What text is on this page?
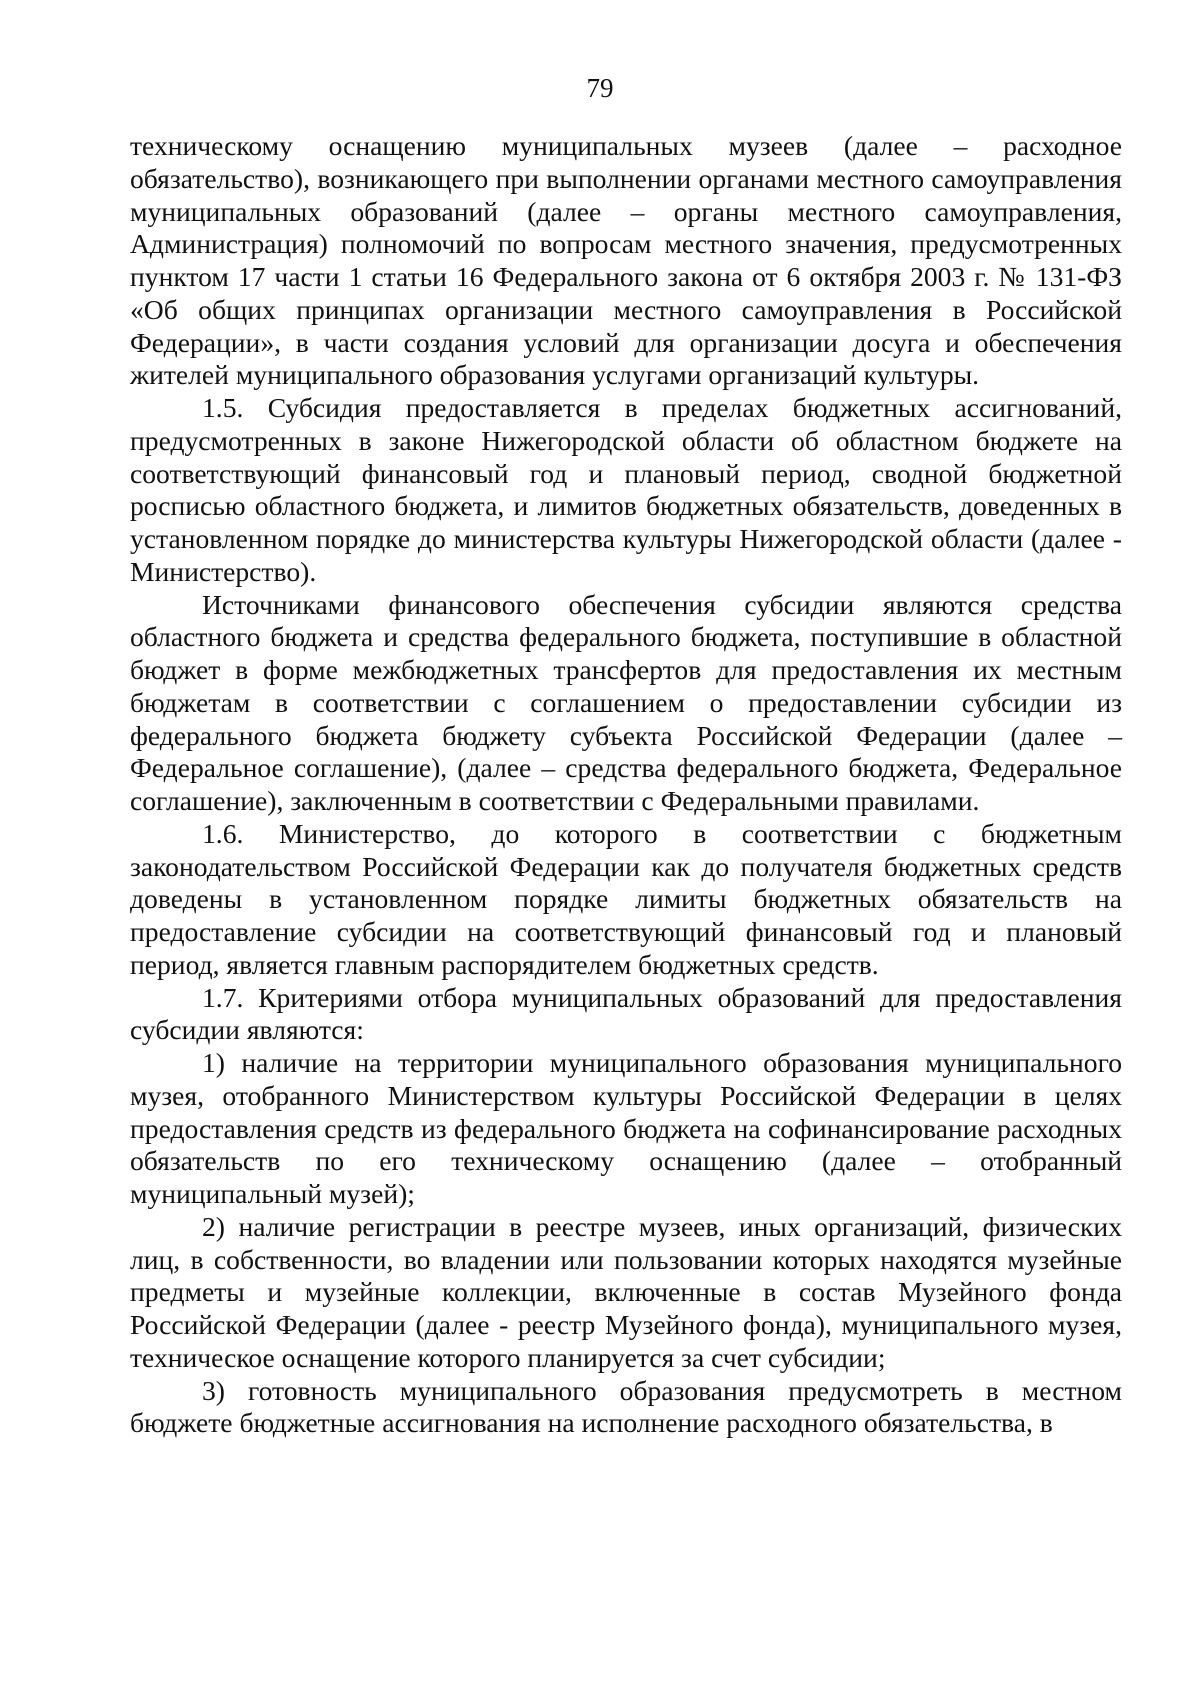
79

техническому оснащению муниципальных музеев (далее – расходное обязательство), возникающего при выполнении органами местного самоуправления муниципальных образований (далее – органы местного самоуправления, Администрация) полномочий по вопросам местного значения, предусмотренных пунктом 17 части 1 статьи 16 Федерального закона от 6 октября 2003 г. № 131-ФЗ «Об общих принципах организации местного самоуправления в Российской Федерации», в части создания условий для организации досуга и обеспечения жителей муниципального образования услугами организаций культуры.

1.5. Субсидия предоставляется в пределах бюджетных ассигнований, предусмотренных в законе Нижегородской области об областном бюджете на соответствующий финансовый год и плановый период, сводной бюджетной росписью областного бюджета, и лимитов бюджетных обязательств, доведенных в установленном порядке до министерства культуры Нижегородской области (далее - Министерство).

Источниками финансового обеспечения субсидии являются средства областного бюджета и средства федерального бюджета, поступившие в областной бюджет в форме межбюджетных трансфертов для предоставления их местным бюджетам в соответствии с соглашением о предоставлении субсидии из федерального бюджета бюджету субъекта Российской Федерации (далее – Федеральное соглашение), (далее – средства федерального бюджета, Федеральное соглашение), заключенным в соответствии с Федеральными правилами.

1.6. Министерство, до которого в соответствии с бюджетным законодательством Российской Федерации как до получателя бюджетных средств доведены в установленном порядке лимиты бюджетных обязательств на предоставление субсидии на соответствующий финансовый год и плановый период, является главным распорядителем бюджетных средств.

1.7. Критериями отбора муниципальных образований для предоставления субсидии являются:

1) наличие на территории муниципального образования муниципального музея, отобранного Министерством культуры Российской Федерации в целях предоставления средств из федерального бюджета на софинансирование расходных обязательств по его техническому оснащению (далее – отобранный муниципальный музей);

2) наличие регистрации в реестре музеев, иных организаций, физических лиц, в собственности, во владении или пользовании которых находятся музейные предметы и музейные коллекции, включенные в состав Музейного фонда Российской Федерации (далее - реестр Музейного фонда), муниципального музея, техническое оснащение которого планируется за счет субсидии;

3) готовность муниципального образования предусмотреть в местном бюджете бюджетные ассигнования на исполнение расходного обязательства, в
